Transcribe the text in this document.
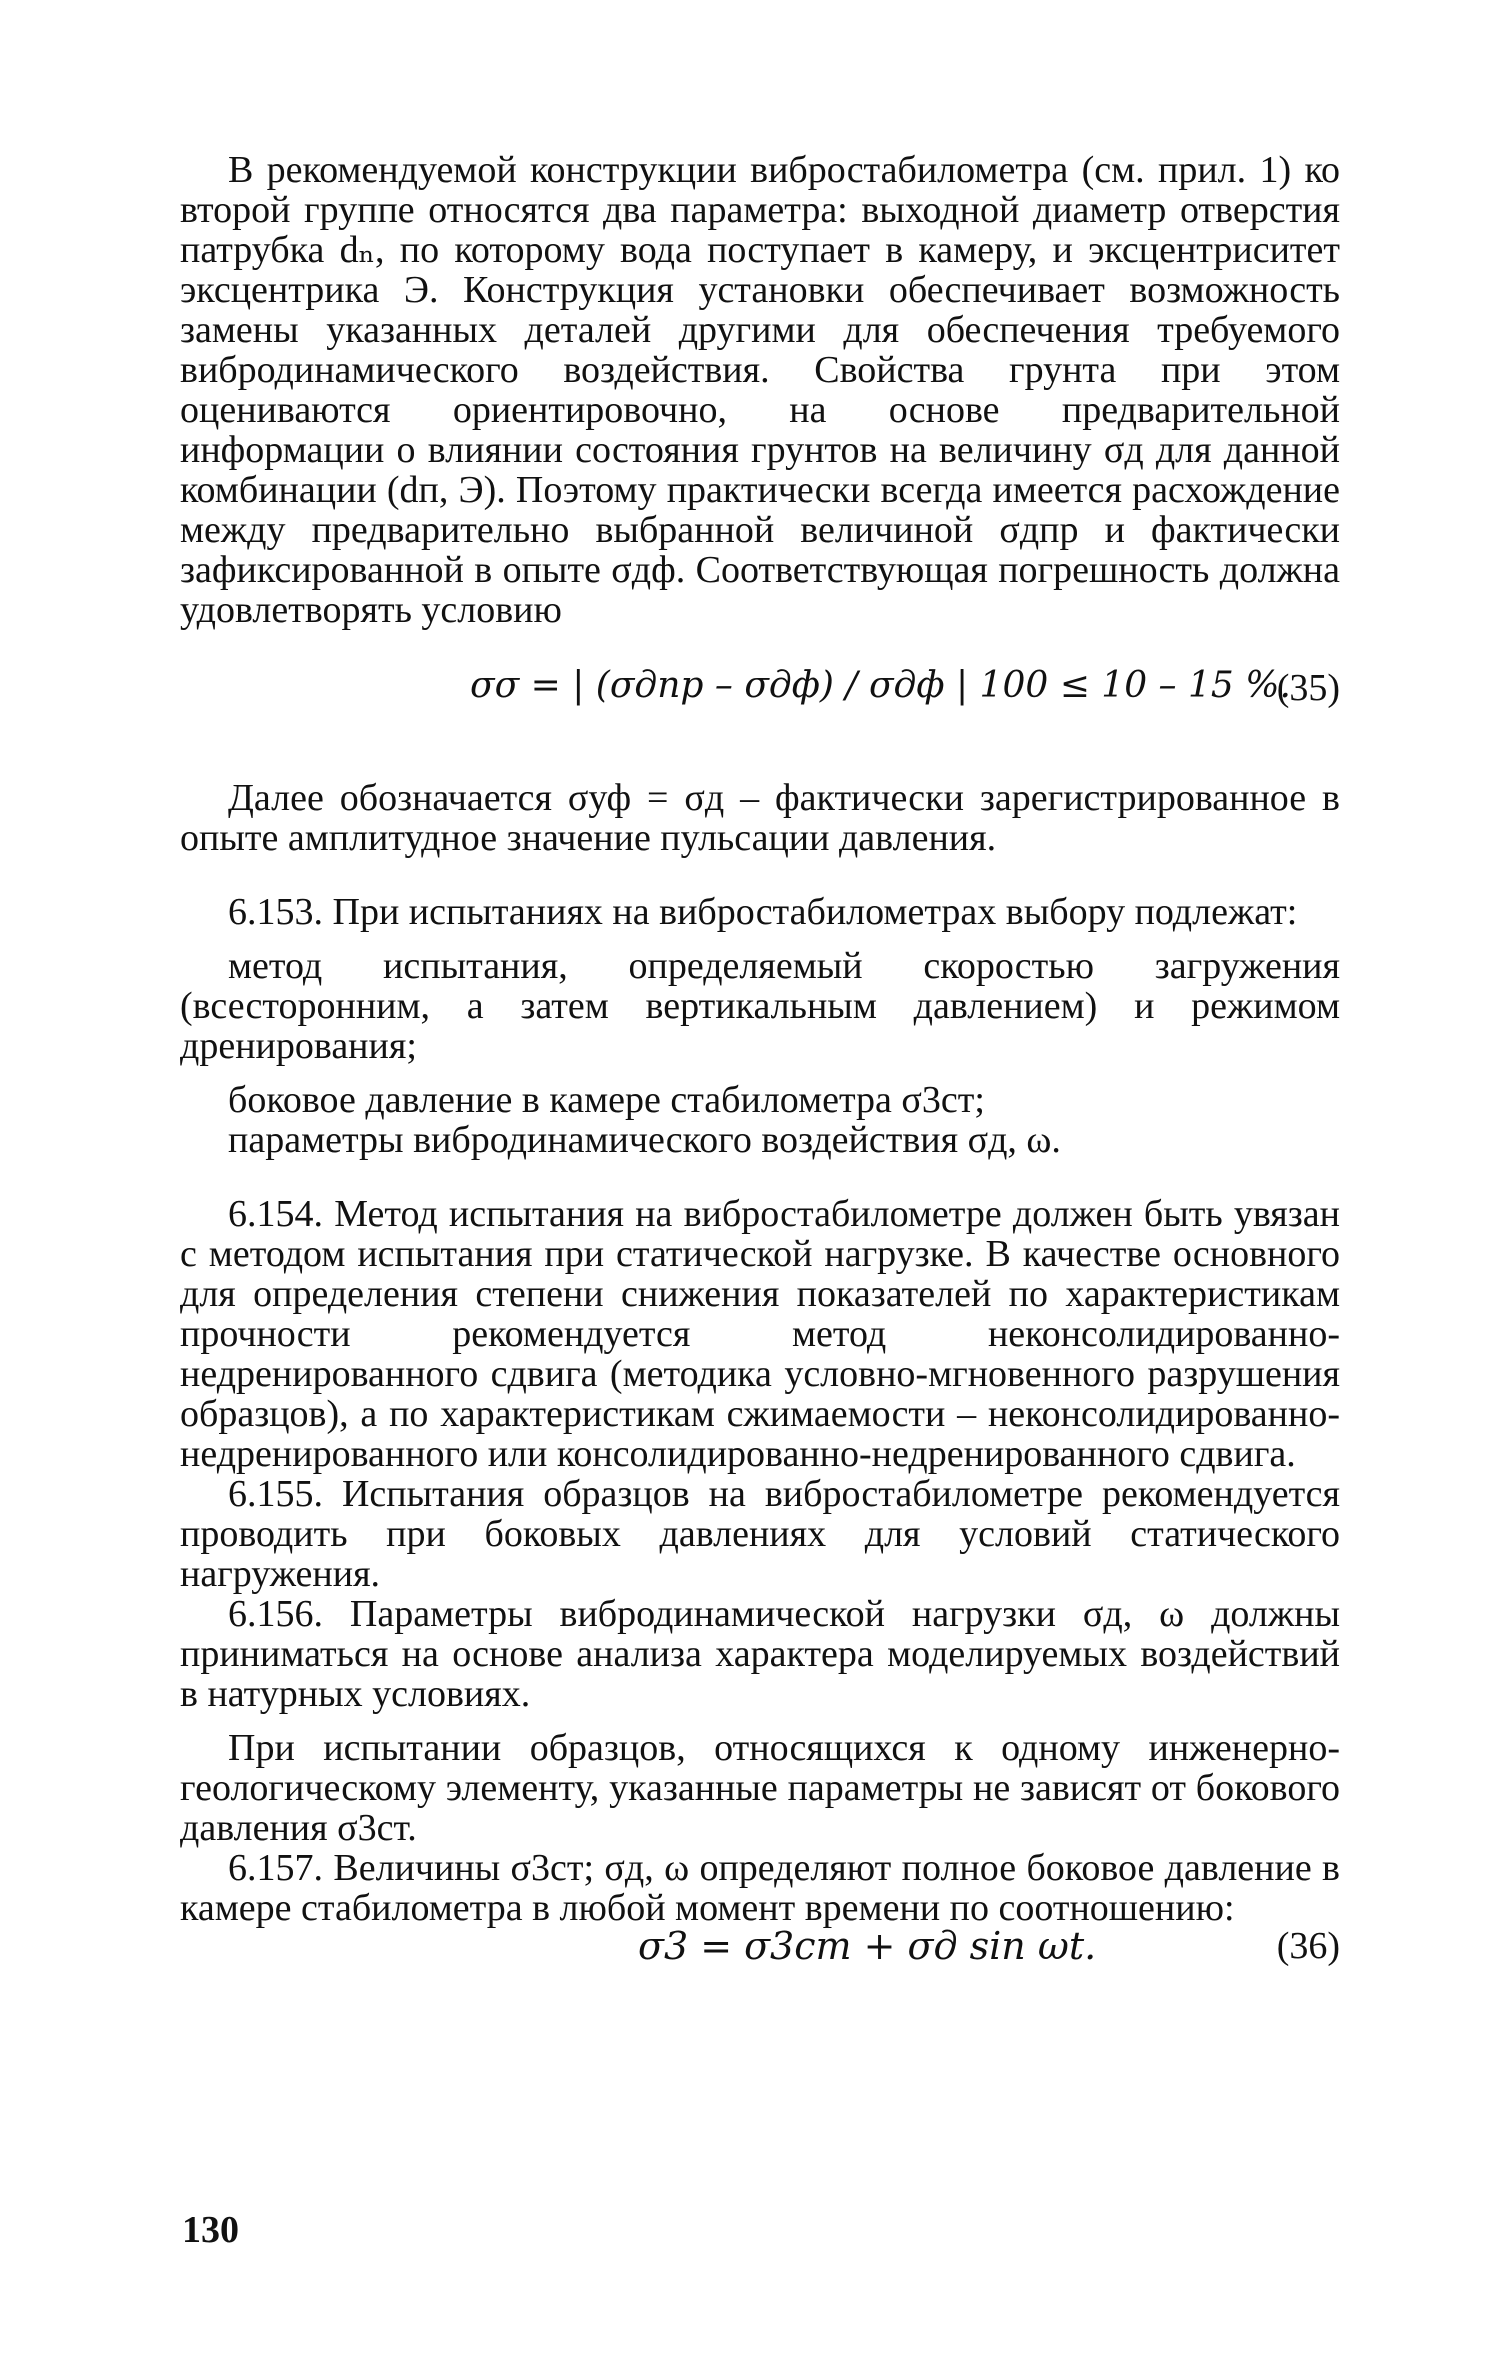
В рекомендуемой конструкции вибростабилометра (см. прил. 1) ко второй группе относятся два параметра: выходной диаметр отверстия патрубка dₙ, по которому вода поступает в камеру, и эксцентриситет эксцентрика Э. Конструкция установки обеспечивает возможность замены указанных деталей другими для обеспечения требуемого вибродинамического воздействия. Свойства грунта при этом оцениваются ориентировочно, на основе предварительной информации о влиянии состояния грунтов на величину σд для данной комбинации (dп, Э). Поэтому практически всегда имеется расхождение между предварительно выбранной величиной σдпр и фактически зафиксированной в опыте σдф. Соответствующая погрешность должна удовлетворять условию

σσ = | (σдпр – σдф) / σдф | 100 ≤ 10 – 15 %.
(35)

Далее обозначается σуф = σд – фактически зарегистрированное в опыте амплитудное значение пульсации давления.

6.153. При испытаниях на вибростабилометрах выбору подлежат:

метод испытания, определяемый скоростью загружения (всесторонним, а затем вертикальным давлением) и режимом дренирования;

боковое давление в камере стабилометра σ3ст;

параметры вибродинамического воздействия σд, ω.

6.154. Метод испытания на вибростабилометре должен быть увязан с методом испытания при статической нагрузке. В качестве основного для определения степени снижения показателей по характеристикам прочности рекомендуется метод неконсолидированно-недренированного сдвига (методика условно-мгновенного разрушения образцов), а по характеристикам сжимаемости – неконсолидированно-недренированного или консолидированно-недренированного сдвига.

6.155. Испытания образцов на вибростабилометре рекомендуется проводить при боковых давлениях для условий статического нагружения.

6.156. Параметры вибродинамической нагрузки σд, ω должны приниматься на основе анализа характера моделируемых воздействий в натурных условиях.

При испытании образцов, относящихся к одному инженерно-геологическому элементу, указанные параметры не зависят от бокового давления σ3ст.

6.157. Величины σ3ст; σд, ω определяют полное боковое давление в камере стабилометра в любой момент времени по соотношению:

σ3 = σ3ст + σд sin ωt.	(36)
130
